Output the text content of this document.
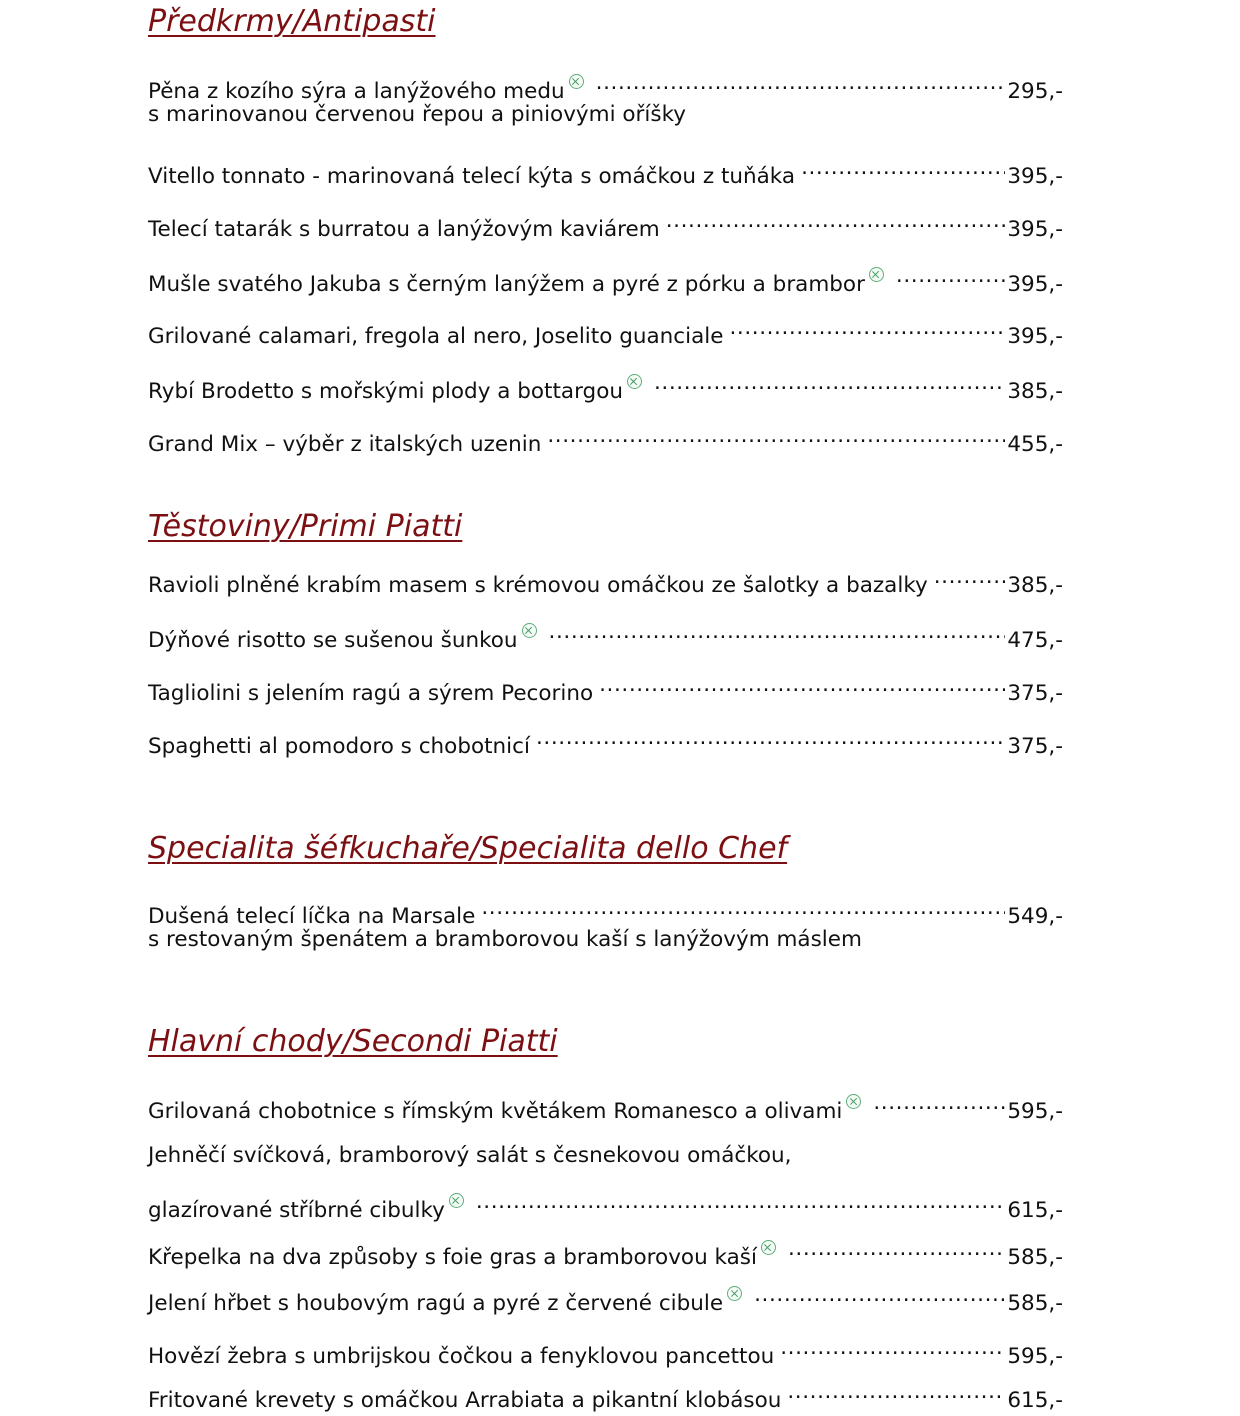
Předkrmy/Antipasti
Pěna z kozího sýra a lanýžového medu .....	295,-
s marinovanou červenou řepou a piniovými oříšky
Vitello tonnato - marinovaná telecí kýta s omáčkou z tuňáka .....	395,-
Telecí tatarák s burratou a lanýžovým kaviárem .....	395,-
Mušle svatého Jakuba s černým lanýžem a pyré z pórku a brambor .....	395,-
Grilované calamari, fregola al nero, Joselito guanciale .....	395,-
Rybí Brodetto s mořskými plody a bottargou .....	385,-
Grand Mix – výběr z italských uzenin .....	455,-
Těstoviny/Primi Piatti
Ravioli plněné krabím masem s krémovou omáčkou ze šalotky a bazalky .....	385,-
Dýňové risotto se sušenou šunkou .....	475,-
Tagliolini s jelením ragú a sýrem Pecorino .....	375,-
Spaghetti al pomodoro s chobotnicí .....	375,-
Specialita šéfkuchaře/Specialita dello Chef
Dušená telecí líčka na Marsale .....	549,-
s restovaným špenátem a bramborovou kaší s lanýžovým máslem
Hlavní chody/Secondi Piatti
Grilovaná chobotnice s římským květákem Romanesco a olivami .....	595,-
Jehněčí svíčková, bramborový salát s česnekovou omáčkou,
glazírované stříbrné cibulky .....	615,-
Křepelka na dva způsoby s foie gras a bramborovou kaší .....	585,-
Jelení hřbet s houbovým ragú a pyré z červené cibule .....	585,-
Hovězí žebra s umbrijskou čočkou a fenyklovou pancettou .....	595,-
Fritované krevety s omáčkou Arrabiata a pikantní klobásou .....	615,-
